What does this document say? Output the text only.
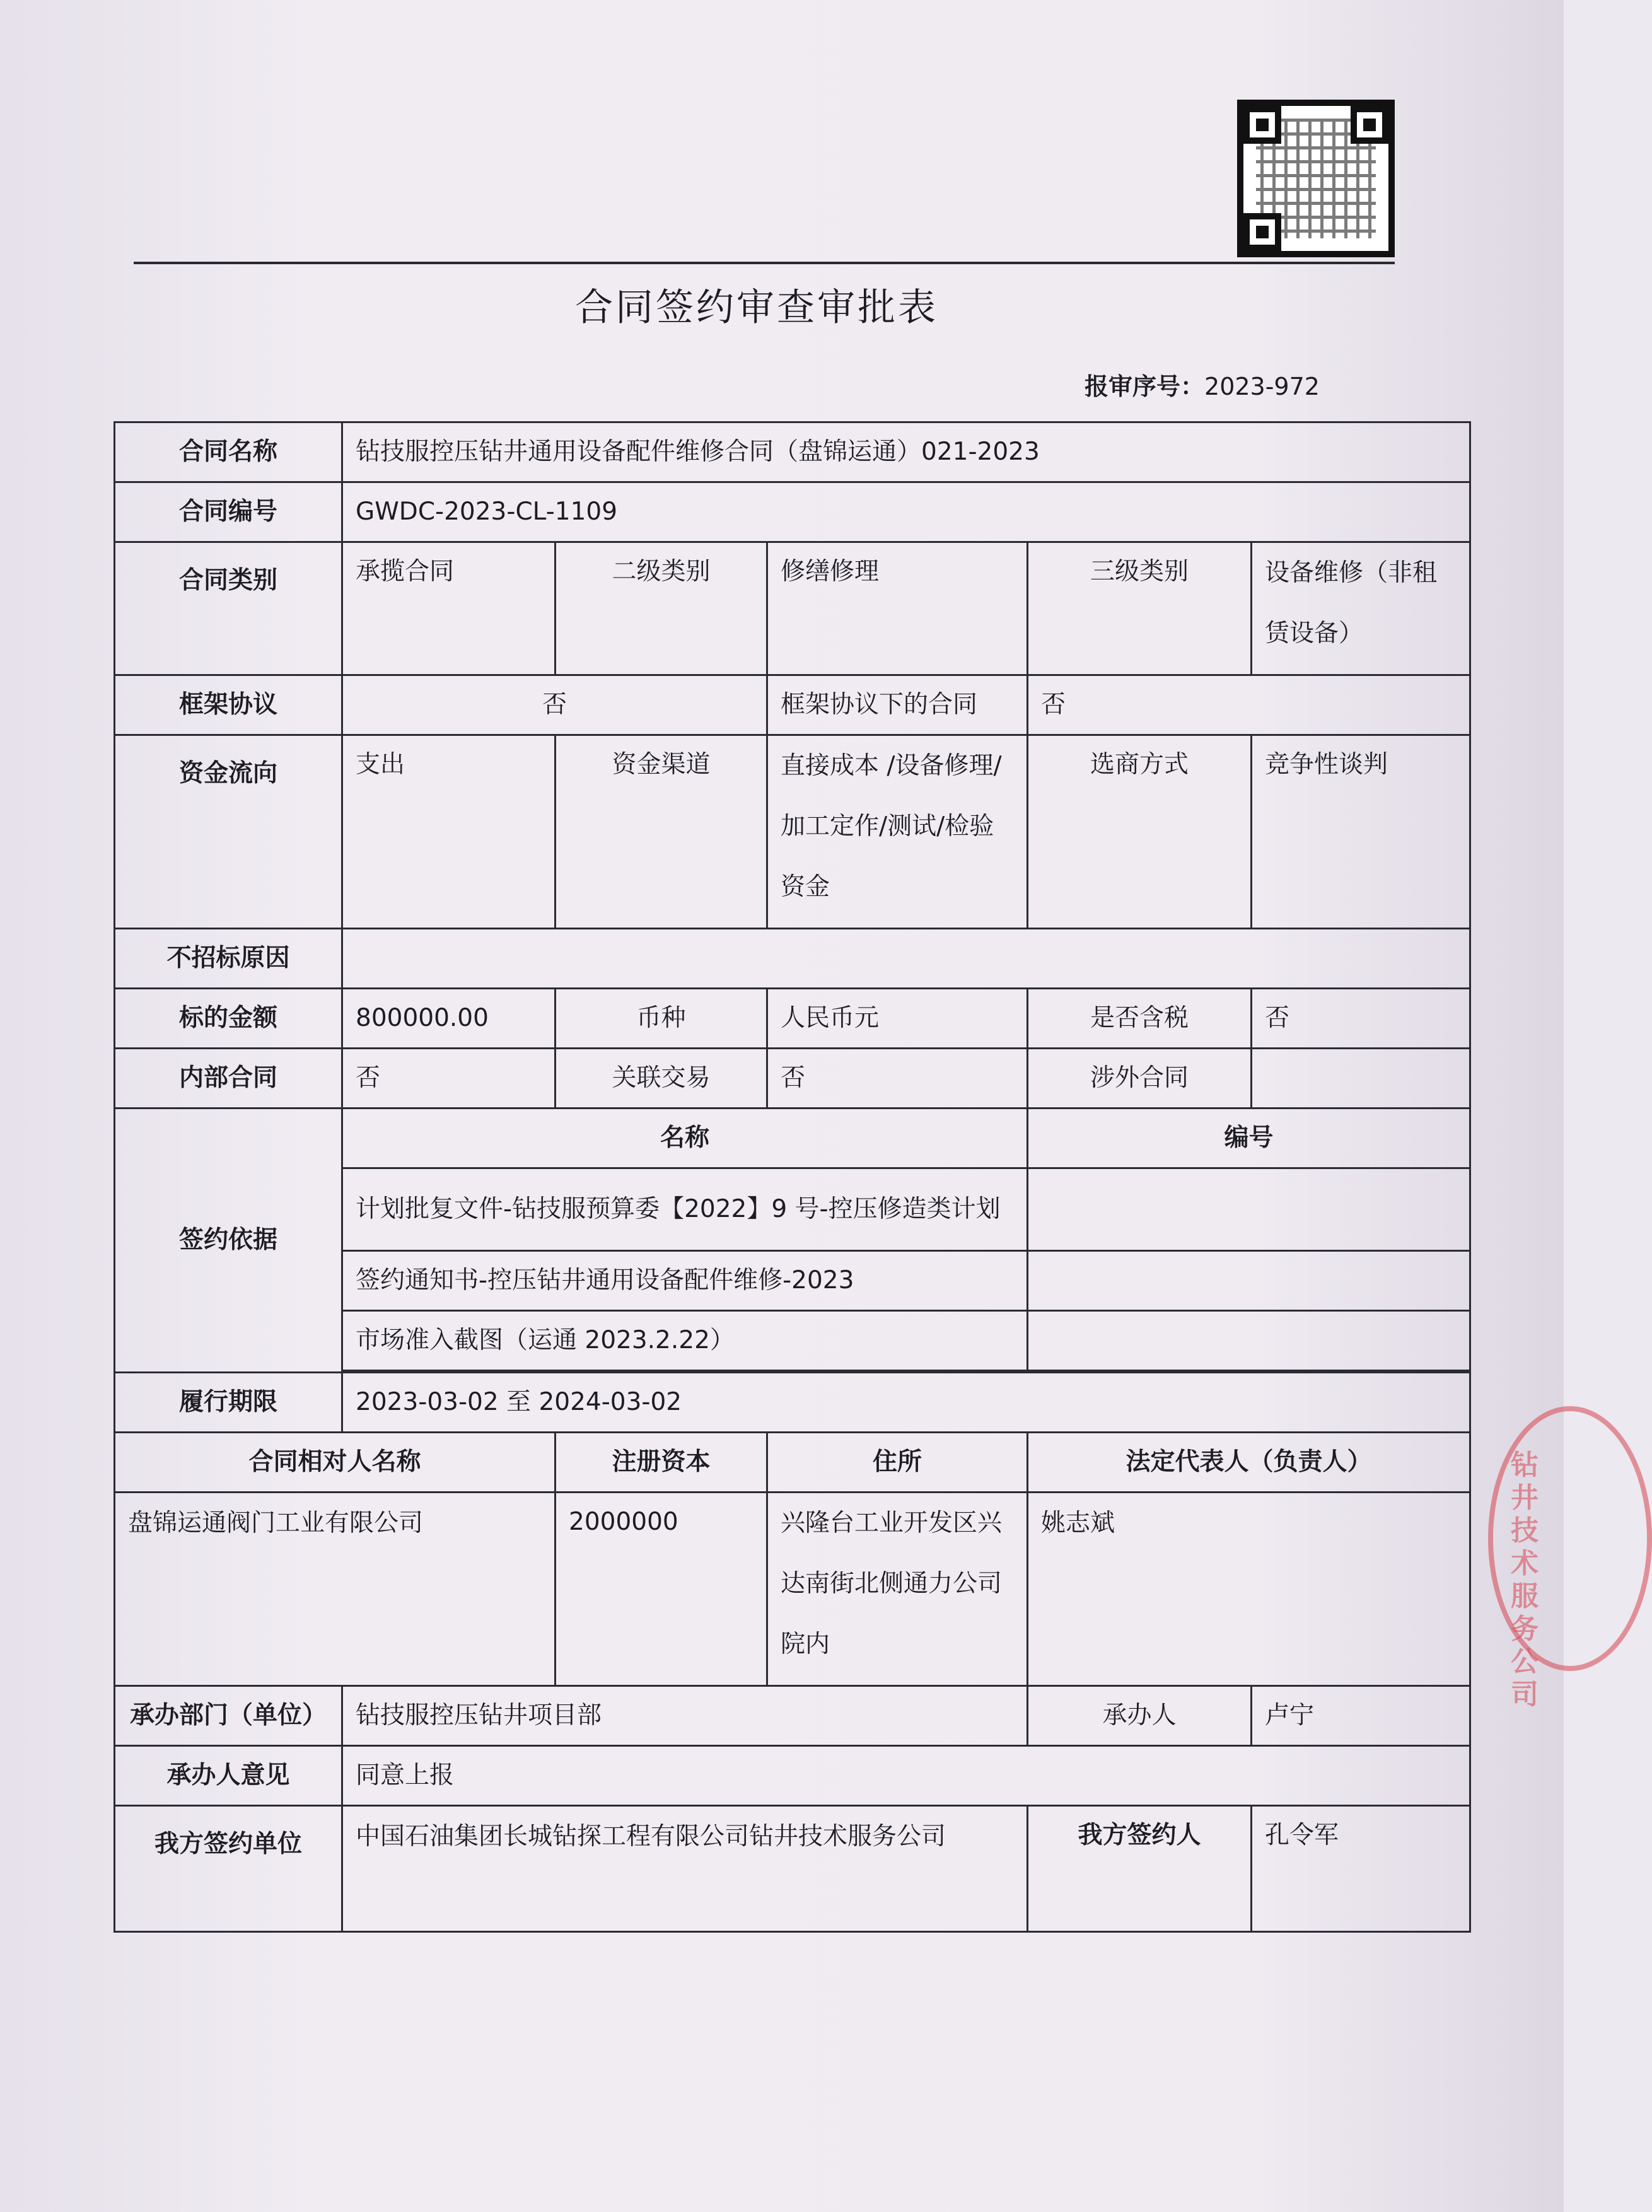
合同签约审查审批表
报审序号：2023-972
合同名称	钻技服控压钻井通用设备配件维修合同（盘锦运通）021-2023				
合同编号	GWDC-2023-CL-1109				
合同类别	承揽合同	二级类别	修缮修理	三级类别	设备维修（非租赁设备）
框架协议	否		框架协议下的合同	否	
资金流向	支出	资金渠道	直接成本 /设备修理/加工定作/测试/检验资金	选商方式	竞争性谈判
不招标原因					
标的金额	800000.00	币种	人民币元	是否含税	否
内部合同	否	关联交易	否	涉外合同	
签约依据	名称			编号	
	计划批复文件-钻技服预算委【2022】9 号-控压修造类计划				
	签约通知书-控压钻井通用设备配件维修-2023				
	市场准入截图（运通 2023.2.22）				

履行期限	2023-03-02 至 2024-03-02				
合同相对人名称		注册资本	住所	法定代表人（负责人）	
盘锦运通阀门工业有限公司		2000000	兴隆台工业开发区兴达南街北侧通力公司院内	姚志斌	
承办部门（单位）	钻技服控压钻井项目部			承办人	卢宁
承办人意见	同意上报				
我方签约单位	中国石油集团长城钻探工程有限公司钻井技术服务公司			我方签约人	孔令军
钻井技术服务公司
